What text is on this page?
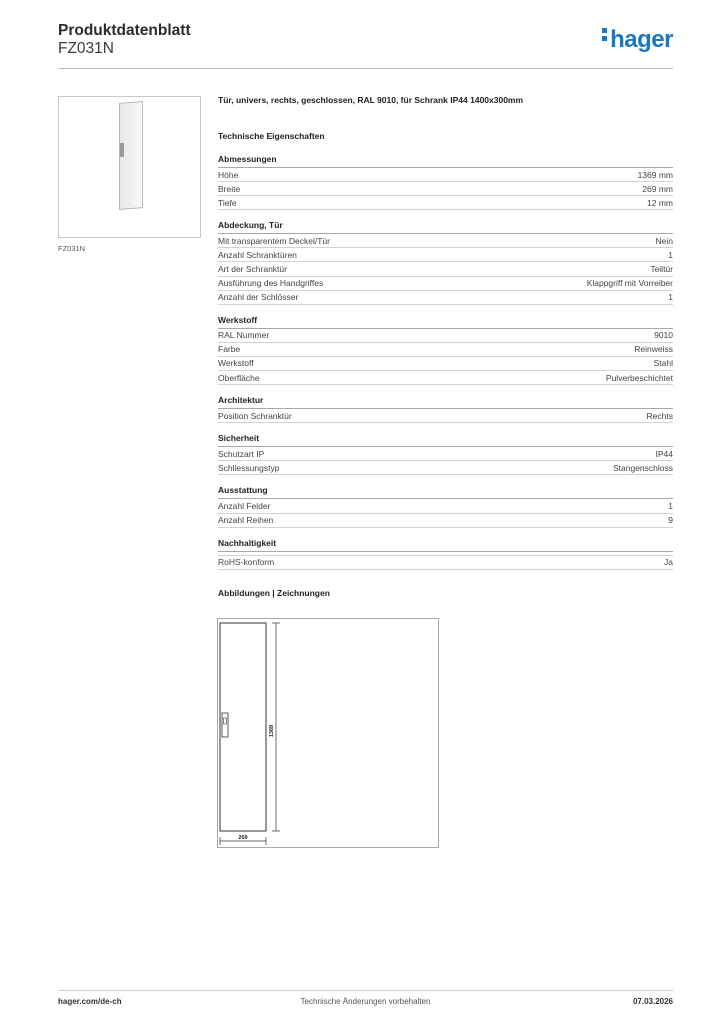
Produktdatenblatt
FZ031N	hager
FZ031N
Tür, univers, rechts, geschlossen, RAL 9010, für Schrank IP44 1400x300mm
Technische Eigenschaften
Abmessungen
Höhe	1369 mm
Breite	269 mm
Tiefe	12 mm
Abdeckung, Tür
Mit transparentem Deckel/Tür	Nein
Anzahl Schranktüren	1
Art der Schranktür	Teiltür
Ausführung des Handgriffes	Klappgriff mit Vorreiber
Anzahl der Schlösser	1
Werkstoff
RAL Nummer	9010
Farbe	Reinweiss
Werkstoff	Stahl
Oberfläche	Pulverbeschichtet
Architektur
Position Schranktür	Rechts
Sicherheit
Schutzart IP	IP44
Schliessungstyp	Stangenschloss
Ausstattung
Anzahl Felder	1
Anzahl Reihen	9
Nachhaltigkeit
RoHS-konform	Ja
Abbildungen | Zeichnungen
1369
269
hager.com/de-ch	Technische Änderungen vorbehalten	07.03.2026
